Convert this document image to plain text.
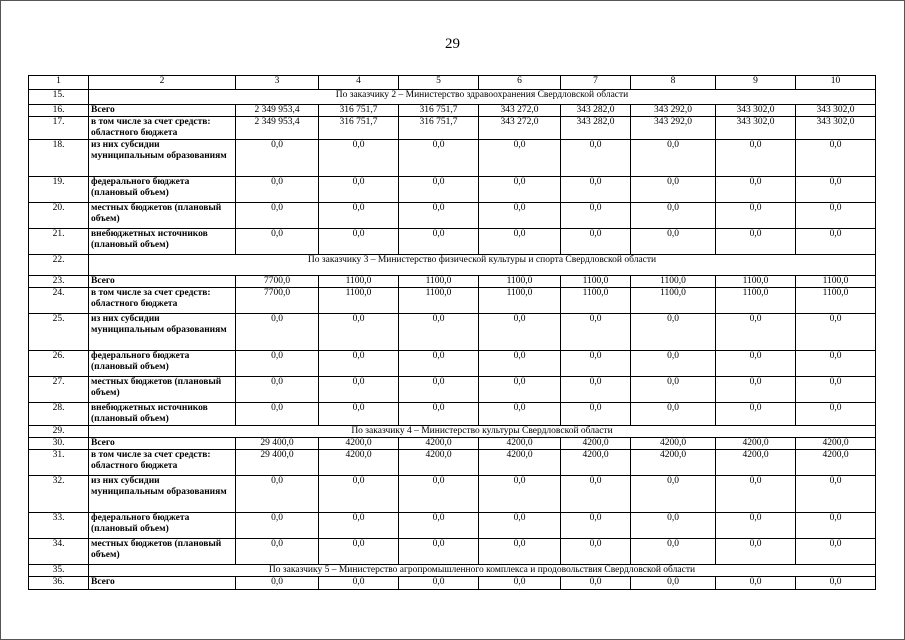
29
1	2	3	4	5	6	7	8	9	10
15.	По заказчику 2 – Министерство здравоохранения Свердловской области								
16.	Всего	2 349 953,4	316 751,7	316 751,7	343 272,0	343 282,0	343 292,0	343 302,0	343 302,0
17.	в том числе за счет средств: областного бюджета	2 349 953,4	316 751,7	316 751,7	343 272,0	343 282,0	343 292,0	343 302,0	343 302,0
18.	из них субсидии муниципальным образованиям	0,0	0,0	0,0	0,0	0,0	0,0	0,0	0,0
19.	федерального бюджета (плановый объем)	0,0	0,0	0,0	0,0	0,0	0,0	0,0	0,0
20.	местных бюджетов (плановый объем)	0,0	0,0	0,0	0,0	0,0	0,0	0,0	0,0
21.	внебюджетных источников (плановый объем)	0,0	0,0	0,0	0,0	0,0	0,0	0,0	0,0
22.	По заказчику 3 – Министерство физической культуры и спорта Свердловской области								
23.	Всего	7700,0	1100,0	1100,0	1100,0	1100,0	1100,0	1100,0	1100,0
24.	в том числе за счет средств: областного бюджета	7700,0	1100,0	1100,0	1100,0	1100,0	1100,0	1100,0	1100,0
25.	из них субсидии муниципальным образованиям	0,0	0,0	0,0	0,0	0,0	0,0	0,0	0,0
26.	федерального бюджета (плановый объем)	0,0	0,0	0,0	0,0	0,0	0,0	0,0	0,0
27.	местных бюджетов (плановый объем)	0,0	0,0	0,0	0,0	0,0	0,0	0,0	0,0
28.	внебюджетных источников (плановый объем)	0,0	0,0	0,0	0,0	0,0	0,0	0,0	0,0
29.	По заказчику 4 – Министерство культуры Свердловской области								
30.	Всего	29 400,0	4200,0	4200,0	4200,0	4200,0	4200,0	4200,0	4200,0
31.	в том числе за счет средств: областного бюджета	29 400,0	4200,0	4200,0	4200,0	4200,0	4200,0	4200,0	4200,0
32.	из них субсидии муниципальным образованиям	0,0	0,0	0,0	0,0	0,0	0,0	0,0	0,0
33.	федерального бюджета (плановый объем)	0,0	0,0	0,0	0,0	0,0	0,0	0,0	0,0
34.	местных бюджетов (плановый объем)	0,0	0,0	0,0	0,0	0,0	0,0	0,0	0,0
35.	По заказчику 5 – Министерство агропромышленного комплекса и продовольствия Свердловской области								
36.	Всего	0,0	0,0	0,0	0,0	0,0	0,0	0,0	0,0
